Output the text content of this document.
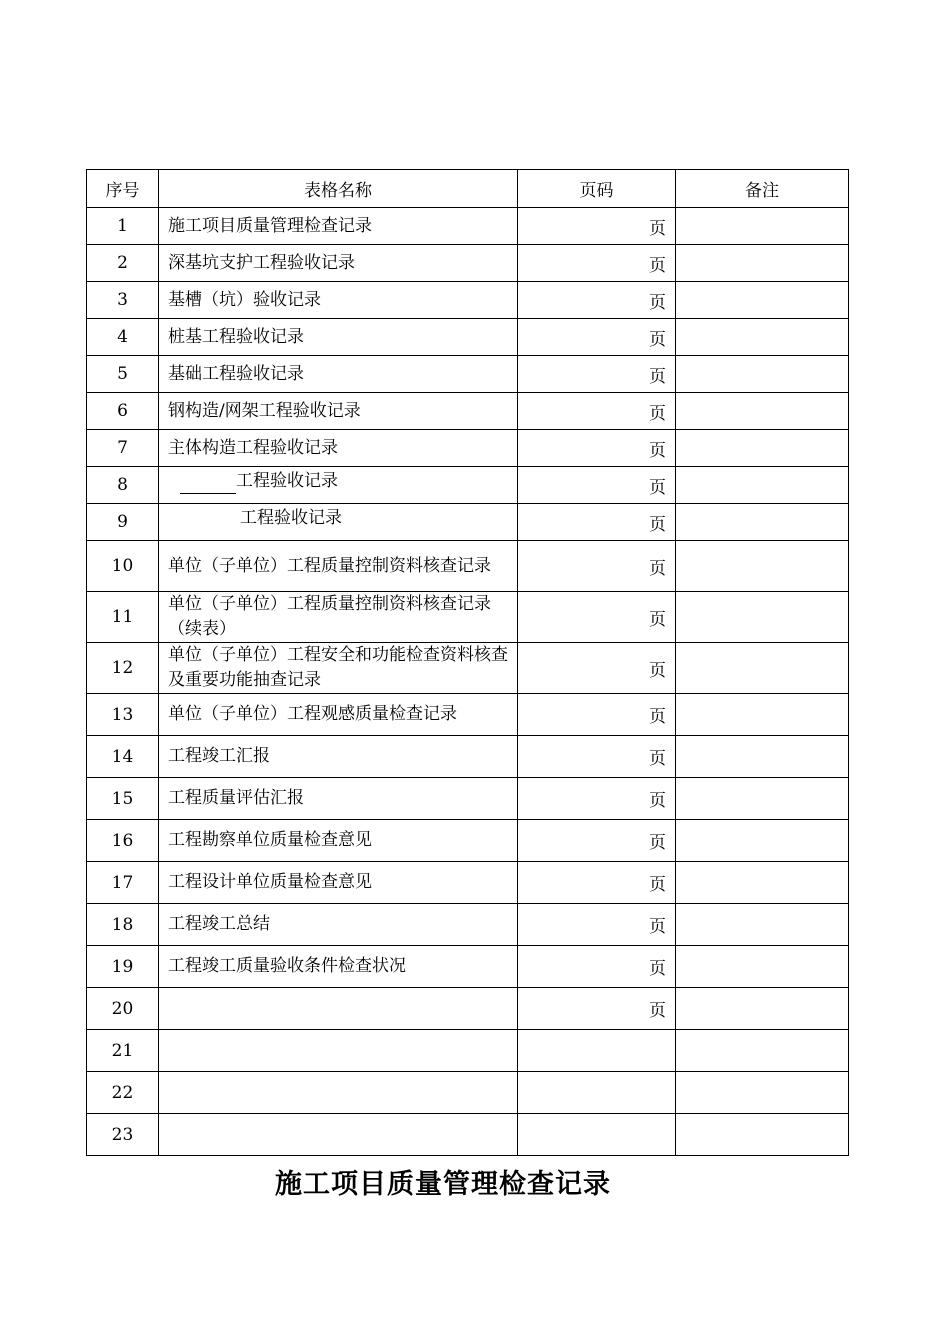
序号	表格名称	页码	备注
1	施工项目质量管理检查记录	页	
2	深基坑支护工程验收记录	页	
3	基槽（坑）验收记录	页	
4	桩基工程验收记录	页	
5	基础工程验收记录	页	
6	钢构造/网架工程验收记录	页	
7	主体构造工程验收记录	页	
8	工程验收记录	页	
9	工程验收记录	页	
10	单位（子单位）工程质量控制资料核查记录	页	
11	单位（子单位）工程质量控制资料核查记录（续表）	页	
12	单位（子单位）工程安全和功能检查资料核查及重要功能抽查记录	页	
13	单位（子单位）工程观感质量检查记录	页	
14	工程竣工汇报	页	
15	工程质量评估汇报	页	
16	工程勘察单位质量检查意见	页	
17	工程设计单位质量检查意见	页	
18	工程竣工总结	页	
19	工程竣工质量验收条件检查状况	页	
20		页	
21			
22			
23			
施工项目质量管理检查记录
